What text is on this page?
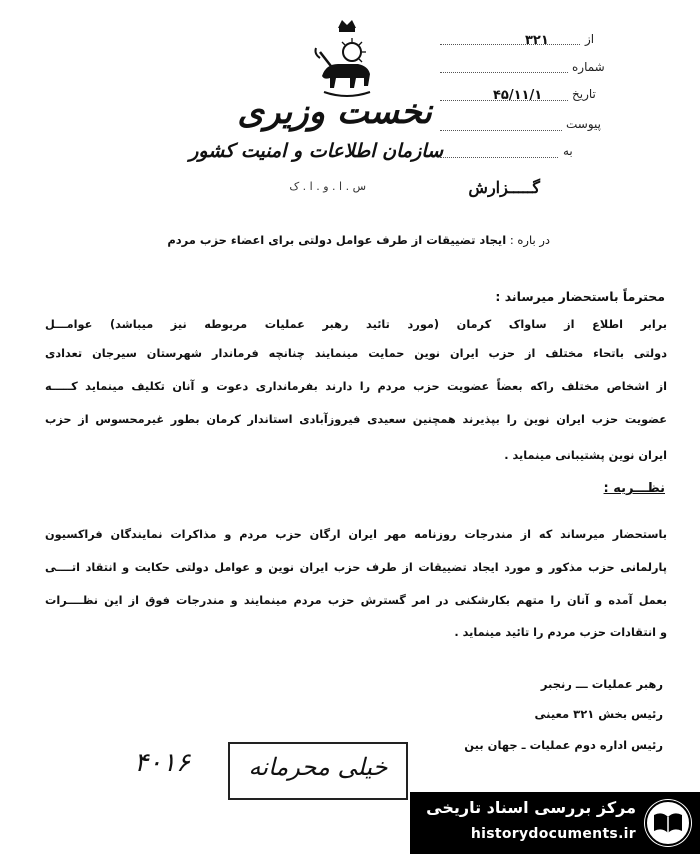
از
۳۲۱
شماره
تاریخ
۴۵/۱۱/۱
پیوست
به
نخست وزیری
سازمان اطلاعات و امنیت کشور
س . ا . و . ا . ک	گـــــزارش
در باره : ایجاد تضییقات از طرف عوامل دولتی برای اعضاء حزب مردم
محترماً باستحضار میرساند :
برابر اطلاع از ساواک کرمان (مورد تائید رهبر عملیات مربوطه نیز میباشد) عوامـــل
دولتی باتحاء مختلف از حزب ایران نوین حمایت مینمایند چنانچه فرماندار شهرستان سیرجان تعدادی
از اشخاص مختلف راکه بعضاً عضویت حزب مردم را دارند بفرمانداری دعوت و آنان تکلیف مینماید کـــــه
عضویت حزب ایران نوین را بپذیرند همچنین سعیدی فیروزآبادی استاندار کرمان بطور غیرمحسوس از حزب
ایران نوین پشتیبانی مینماید .
نظـــریه :
باستحضار میرساند که از مندرجات روزنامه مهر ایران ارگان حزب مردم و مذاکرات نمایندگان فراکسیون
پارلمانی حزب مذکور و مورد ایجاد تضییقات از طرف حزب ایران نوین و عوامل دولتی حکایت و انتقاد اتــــی
بعمل آمده و آنان را متهم بکارشکنی در امر گسترش حزب مردم مینمایند و مندرجات فوق از این نظــــرات
و انتقادات حزب مردم را تائید مینماید .
رهبر عملیات ـــ رنجبر
رئیس بخش ۳۲۱ معینی
رئیس اداره دوم عملیات ـ جهان بین
۴۰۱۶	خیلی محرمانه
مرکز بررسی اسناد تاریخی
historydocuments.ir
